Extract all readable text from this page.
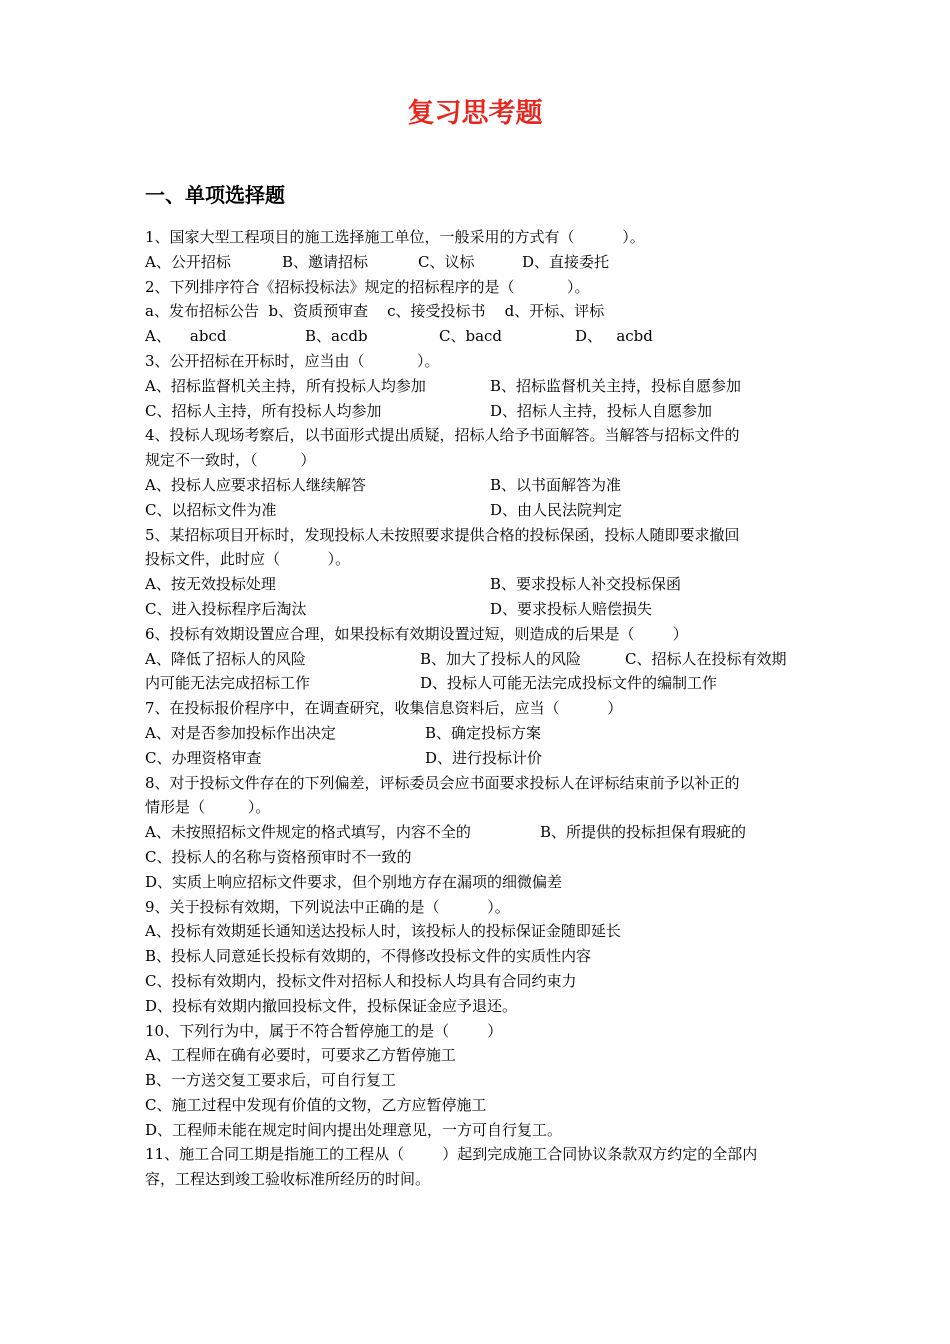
复习思考题
一、单项选择题
1、国家大型工程项目的施工选择施工单位，一般采用的方式有（          ）。
A、公开招标	B、邀请招标	C、议标	D、直接委托
2、下列排序符合《招标投标法》规定的招标程序的是（           ）。
a、发布招标公告  b、资质预审查    c、接受投标书    d、开标、评标
A、    abcd	B、acdb	C、bacd	D、   acbd
3、公开招标在开标时，应当由（           ）。
A、招标监督机关主持，所有投标人均参加	B、招标监督机关主持，投标自愿参加
C、招标人主持，所有投标人均参加	D、招标人主持，投标人自愿参加
4、投标人现场考察后，以书面形式提出质疑，招标人给予书面解答。当解答与招标文件的
规定不一致时，（         ）
A、投标人应要求招标人继续解答	B、以书面解答为准
C、以招标文件为准	D、由人民法院判定
5、某招标项目开标时，发现投标人未按照要求提供合格的投标保函，投标人随即要求撤回
投标文件，此时应（          ）。
A、按无效投标处理	B、要求投标人补交投标保函
C、进入投标程序后淘汰	D、要求投标人赔偿损失
6、投标有效期设置应合理，如果投标有效期设置过短，则造成的后果是（        ）
A、降低了招标人的风险	B、加大了投标人的风险	C、招标人在投标有效期
内可能无法完成招标工作	D、投标人可能无法完成投标文件的编制工作
7、在投标报价程序中，在调查研究，收集信息资料后，应当（          ）
A、对是否参加投标作出决定	B、确定投标方案
C、办理资格审查	D、进行投标计价
8、对于投标文件存在的下列偏差，评标委员会应书面要求投标人在评标结束前予以补正的
情形是（         ）。
A、未按照招标文件规定的格式填写，内容不全的	B、所提供的投标担保有瑕疵的
C、投标人的名称与资格预审时不一致的
D、实质上响应招标文件要求，但个别地方存在漏项的细微偏差
9、关于投标有效期，下列说法中正确的是（          ）。
A、投标有效期延长通知送达投标人时，该投标人的投标保证金随即延长
B、投标人同意延长投标有效期的，不得修改投标文件的实质性内容
C、投标有效期内，投标文件对招标人和投标人均具有合同约束力
D、投标有效期内撤回投标文件，投标保证金应予退还。
10、下列行为中，属于不符合暂停施工的是（        ）
A、工程师在确有必要时，可要求乙方暂停施工
B、一方送交复工要求后，可自行复工
C、施工过程中发现有价值的文物，乙方应暂停施工
D、工程师未能在规定时间内提出处理意见，一方可自行复工。
11、施工合同工期是指施工的工程从（        ）起到完成施工合同协议条款双方约定的全部内
容，工程达到竣工验收标准所经历的时间。
